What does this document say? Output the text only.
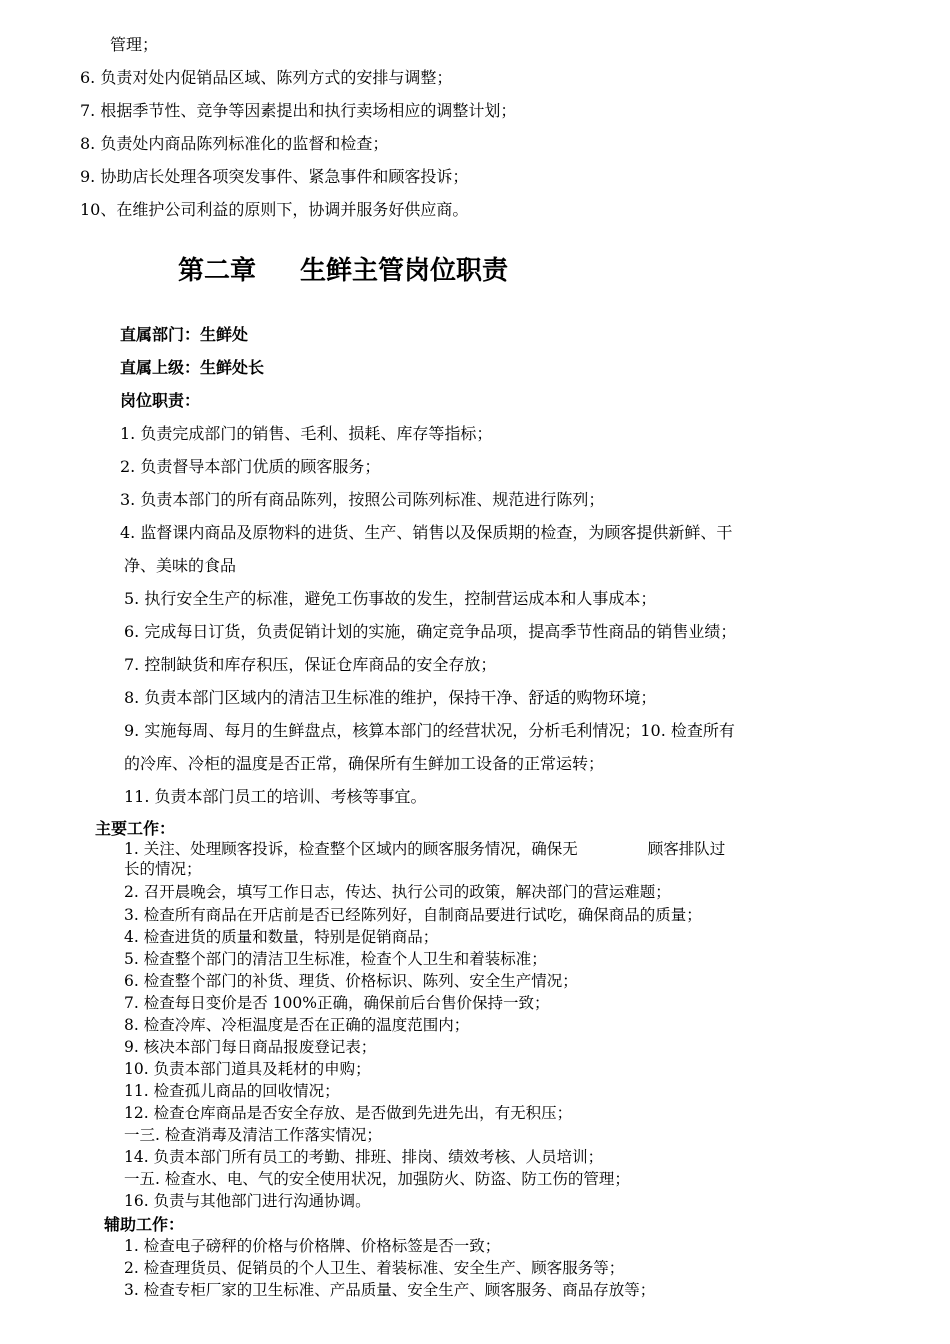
管理；
6. 负责对处内促销品区域、陈列方式的安排与调整；
7. 根据季节性、竞争等因素提出和执行卖场相应的调整计划；
8. 负责处内商品陈列标准化的监督和检查；
9. 协助店长处理各项突发事件、紧急事件和顾客投诉；
10、在维护公司利益的原则下，协调并服务好供应商。
第二章 生鲜主管岗位职责
直属部门：生鲜处
直属上级：生鲜处长
岗位职责：
1. 负责完成部门的销售、毛利、损耗、库存等指标；
2. 负责督导本部门优质的顾客服务；
3. 负责本部门的所有商品陈列，按照公司陈列标准、规范进行陈列；
4. 监督课内商品及原物料的进货、生产、销售以及保质期的检查，为顾客提供新鲜、干
净、美味的食品
5. 执行安全生产的标准，避免工伤事故的发生，控制营运成本和人事成本；
6. 完成每日订货，负责促销计划的实施，确定竞争品项，提高季节性商品的销售业绩；
7. 控制缺货和库存积压，保证仓库商品的安全存放；
8. 负责本部门区域内的清洁卫生标准的维护，保持干净、舒适的购物环境；
9. 实施每周、每月的生鲜盘点，核算本部门的经营状况，分析毛利情况；10. 检查所有
的冷库、冷柜的温度是否正常，确保所有生鲜加工设备的正常运转；
11. 负责本部门员工的培训、考核等事宜。
主要工作：
1. 关注、处理顾客投诉，检查整个区域内的顾客服务情况，确保无	顾客排队过
长的情况；
2. 召开晨晚会，填写工作日志，传达、执行公司的政策，解决部门的营运难题；
3. 检查所有商品在开店前是否已经陈列好，自制商品要进行试吃，确保商品的质量；
4. 检查进货的质量和数量，特别是促销商品；
5. 检查整个部门的清洁卫生标准，检查个人卫生和着装标准；
6. 检查整个部门的补货、理货、价格标识、陈列、安全生产情况；
7. 检查每日变价是否 100%正确，确保前后台售价保持一致；
8. 检查冷库、冷柜温度是否在正确的温度范围内；
9. 核决本部门每日商品报废登记表；
10. 负责本部门道具及耗材的申购；
11. 检查孤儿商品的回收情况；
12. 检查仓库商品是否安全存放、是否做到先进先出，有无积压；
一三. 检查消毒及清洁工作落实情况；
14. 负责本部门所有员工的考勤、排班、排岗、绩效考核、人员培训；
一五. 检查水、电、气的安全使用状况，加强防火、防盗、防工伤的管理；
16. 负责与其他部门进行沟通协调。
辅助工作：
1. 检查电子磅秤的价格与价格牌、价格标签是否一致；
2. 检查理货员、促销员的个人卫生、着装标准、安全生产、顾客服务等；
3. 检查专柜厂家的卫生标准、产品质量、安全生产、顾客服务、商品存放等；
